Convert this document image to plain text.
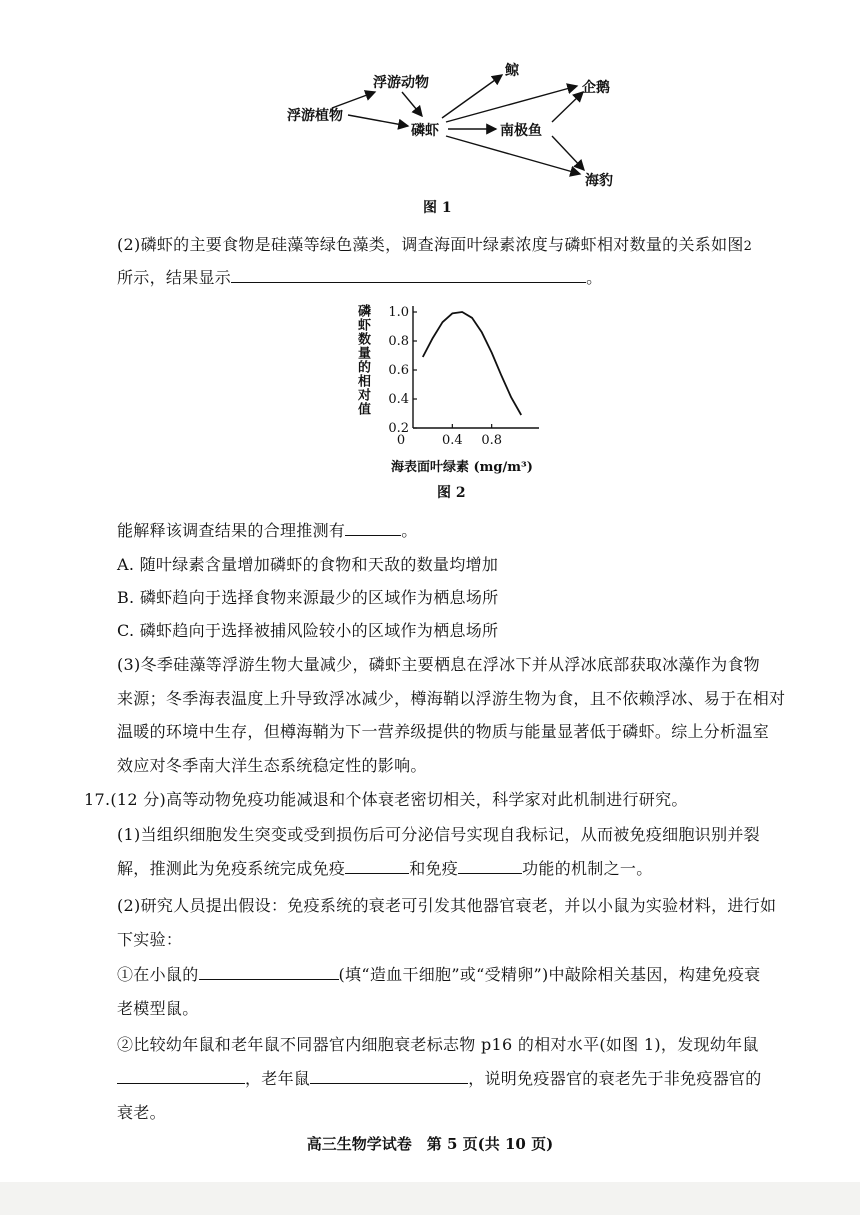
浮游植物
浮游动物
磷虾
鲸
企鹅
南极鱼
海豹
图 1
(2)磷虾的主要食物是硅藻等绿色藻类，调查海面叶绿素浓度与磷虾相对数量的关系如图2
所示，结果显示	。
1.0
0.8
0.6
0.4
0.2
0	0.4 0.8
磷虾数量的相对值
海表面叶绿素 (mg/m³)
图 2
能解释该调查结果的合理推测有	。
A. 随叶绿素含量增加磷虾的食物和天敌的数量均增加
B. 磷虾趋向于选择食物来源最少的区域作为栖息场所
C. 磷虾趋向于选择被捕风险较小的区域作为栖息场所
(3)冬季硅藻等浮游生物大量减少，磷虾主要栖息在浮冰下并从浮冰底部获取冰藻作为食物
来源；冬季海表温度上升导致浮冰减少，樽海鞘以浮游生物为食，且不依赖浮冰、易于在相对
温暖的环境中生存，但樽海鞘为下一营养级提供的物质与能量显著低于磷虾。综上分析温室
效应对冬季南大洋生态系统稳定性的影响。
17.(12 分)高等动物免疫功能减退和个体衰老密切相关，科学家对此机制进行研究。
(1)当组织细胞发生突变或受到损伤后可分泌信号实现自我标记，从而被免疫细胞识别并裂
解，推测此为免疫系统完成免疫	和免疫	功能的机制之一。
(2)研究人员提出假设：免疫系统的衰老可引发其他器官衰老，并以小鼠为实验材料，进行如
下实验：
①在小鼠的	(填“造血干细胞”或“受精卵”)中敲除相关基因，构建免疫衰
老模型鼠。
②比较幼年鼠和老年鼠不同器官内细胞衰老标志物 p16 的相对水平(如图 1)，发现幼年鼠
，老年鼠	，说明免疫器官的衰老先于非免疫器官的
衰老。
高三生物学试卷　第 5 页(共 10 页)
